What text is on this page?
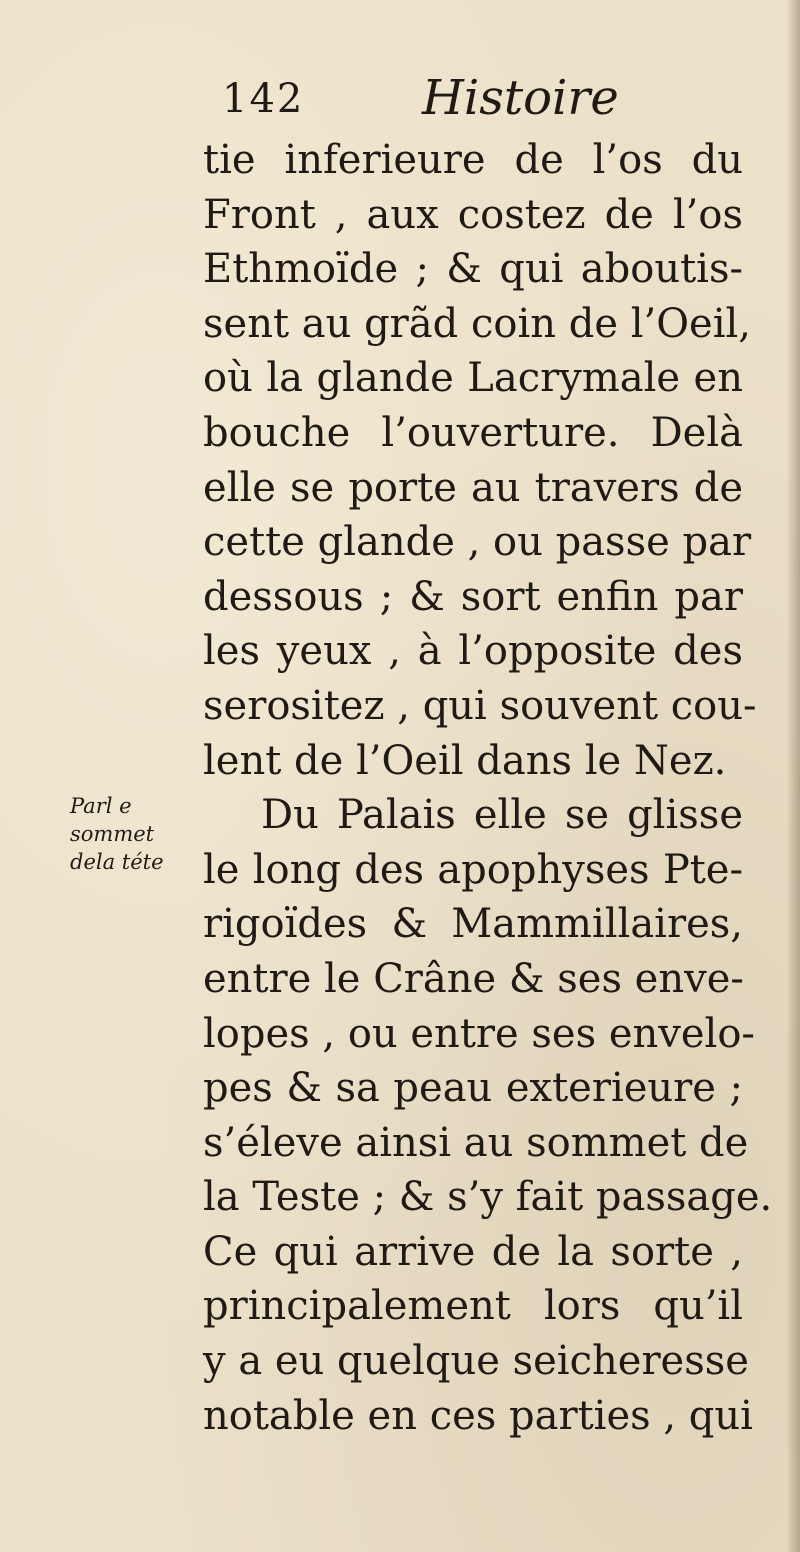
142 Histoire
Parl e
sommet
dela téte
tie inferieure de l’os du
Front , aux costez de l’os
Ethmoïde ; & qui aboutis-
sent au grãd coin de l’Oeil,
où la glande Lacrymale en
bouche l’ouverture. Delà
elle se porte au travers de
cette glande , ou passe par
dessous ; & sort enfin par
les yeux , à l’opposite des
serositez , qui souvent cou-
lent de l’Oeil dans le Nez.
Du Palais elle se glisse
le long des apophyses Pte-
rigoïdes & Mammillaires,
entre le Crâne & ses enve-
lopes , ou entre ses envelo-
pes & sa peau exterieure ;
s’éleve ainsi au sommet de
la Teste ; & s’y fait passage.
Ce qui arrive de la sorte ,
principalement lors qu’il
y a eu quelque seicheresse
notable en ces parties , qui
